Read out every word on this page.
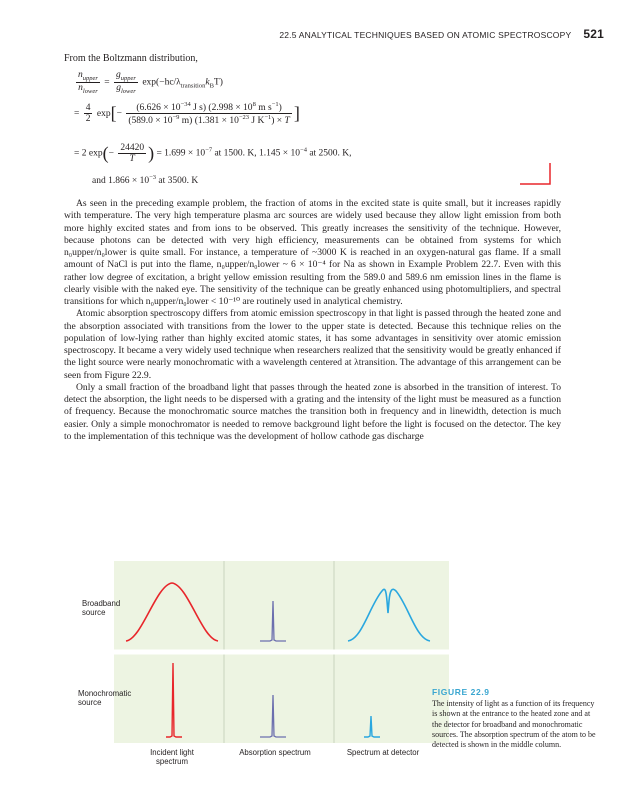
22.5 ANALYTICAL TECHNIQUES BASED ON ATOMIC SPECTROSCOPY 521
From the Boltzmann distribution,
$\frac{n_{upper}}{n_{lower}} = \frac{g_{upper}}{g_{lower}} \exp(-hc/\lambda_{transition}k_BT)$
= $\frac{4}{2} \exp[- \frac{(6.626 \times 10^{-34} J s) (2.998 \times 10^8 m s^{-1})}{(589.0 \times 10^{-9} m) (1.381 \times 10^{-23} J K^{-1}) \times T}$ ]
= 2 $\exp(- \frac{24420}{T}$ ) = $1.699 \times 10^{-7}$ at 1500. K, $1.145 \times 10^{-4}$ at 2500. K,
and $1.866 \times 10^{-3}$ at 3500. K

As seen in the preceding example problem, the fraction of atoms in the excited state is quite small, but it increases rapidly with temperature. The very high temperature plasma arc sources are widely used because they allow light emission from both more highly excited states and from ions to be observed. This greatly increases the sensitivity of the technique. However, because photons can be detected with very high efficiency, measurements can be obtained from systems for which n₀upper/n₀lower is quite small. For instance, a temperature of ~3000 K is reached in an oxygen-natural gas flame. If a small amount of NaCl is put into the flame, n₀upper/n₀lower ~ 6 × 10⁻⁴ for Na as shown in Example Problem 22.7. Even with this rather low degree of excitation, a bright yellow emission resulting from the 589.0 and 589.6 nm emission lines in the flame is clearly visible with the naked eye. The sensitivity of the technique can be greatly enhanced using photomultipliers, and spectral transitions for which n₀upper/n₀lower < 10⁻¹⁰ are routinely used in analytical chemistry.

Atomic absorption spectroscopy differs from atomic emission spectroscopy in that light is passed through the heated zone and the absorption associated with transitions from the lower to the upper state is detected. Because this technique relies on the population of low-lying rather than highly excited atomic states, it has some advantages in sensitivity over atomic emission spectroscopy. It became a very widely used technique when researchers realized that the sensitivity would be greatly enhanced if the light source were nearly monochromatic with a wavelength centered at λtransition. The advantage of this arrangement can be seen from Figure 22.9.

Only a small fraction of the broadband light that passes through the heated zone is absorbed in the transition of interest. To detect the absorption, the light needs to be dispersed with a grating and the intensity of the light must be measured as a function of frequency. Because the monochromatic source matches the transition both in frequency and in linewidth, detection is much easier. Only a simple monochromator is needed to remove background light before the light is focused on the detector. The key to the implementation of this technique was the development of hollow cathode gas discharge

Broadband source
Monochromatic source
Incident light spectrum
Absorption spectrum	Spectrum at detector
FIGURE 22.9
The intensity of light as a function of its frequency is shown at the entrance to the heated zone and at the detector for broadband and monochromatic sources. The absorption spectrum of the atom to be detected is shown in the middle column.
